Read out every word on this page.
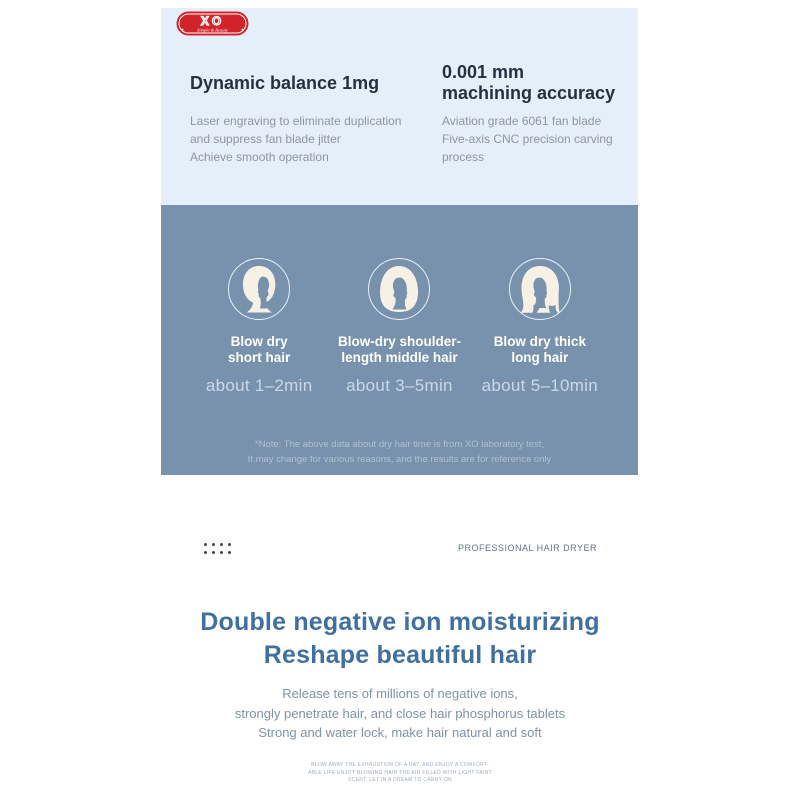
XO
Simple & Beauty
Dynamic balance 1mg
Laser engraving to eliminate duplication
and suppress fan blade jitter
Achieve smooth operation
0.001 mm
machining accuracy
Aviation grade 6061 fan blade
Five-axis CNC precision carving
process
Blow dry
short hair
about 1–2min
Blow-dry shoulder-
length middle hair
about 3–5min
Blow dry thick
long hair
about 5–10min
*Note: The above data about dry hair time is from XO laboratory test,
It may change for various reasons, and the results are for reference only
PROFESSIONAL HAIR DRYER
Double negative ion moisturizing
Reshape beautiful hair
Release tens of millions of negative ions,
strongly penetrate hair, and close hair phosphorus tablets
Strong and water lock, make hair natural and soft
BLOW AWAY THE EXHAUSTION OF A DAY, AND ENJOY A COMFORT-
ABLE LIFE ENJOY BLOWING HAIR THE AIR FILLED WITH LIGHT FAINT
SCENT, LET IN A DREAM TO CARRY ON
